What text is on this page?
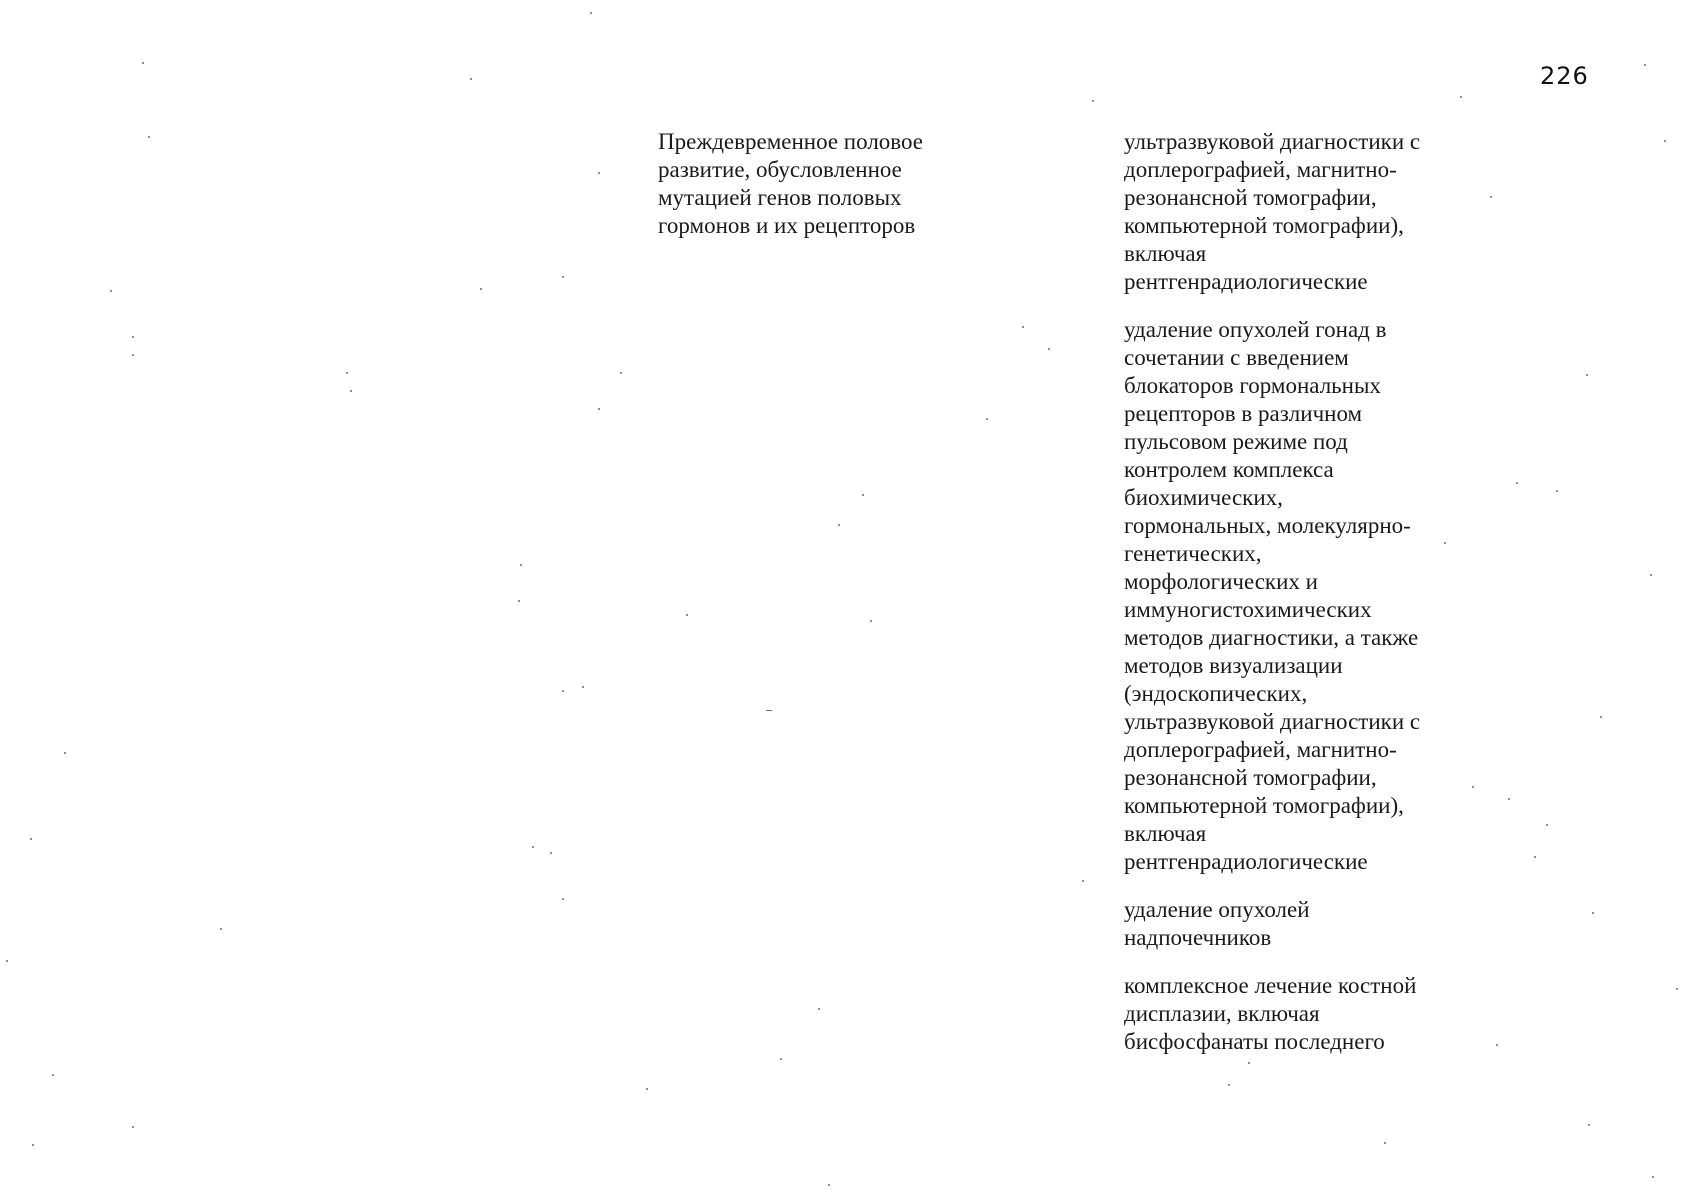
226

Преждевременное половое
развитие, обусловленное
мутацией генов половых
гормонов и их рецепторов

ультразвуковой диагностики с
доплерографией, магнитно-
резонансной томографии,
компьютерной томографии),
включая
рентгенрадиологические

удаление опухолей гонад в
сочетании с введением
блокаторов гормональных
рецепторов в различном
пульсовом режиме под
контролем комплекса
биохимических,
гормональных, молекулярно-
генетических,
морфологических и
иммуногистохимических
методов диагностики, а также
методов визуализации
(эндоскопических,
ультразвуковой диагностики с
доплерографией, магнитно-
резонансной томографии,
компьютерной томографии),
включая
рентгенрадиологические

удаление опухолей
надпочечников

комплексное лечение костной
дисплазии, включая
бисфосфанаты последнего
